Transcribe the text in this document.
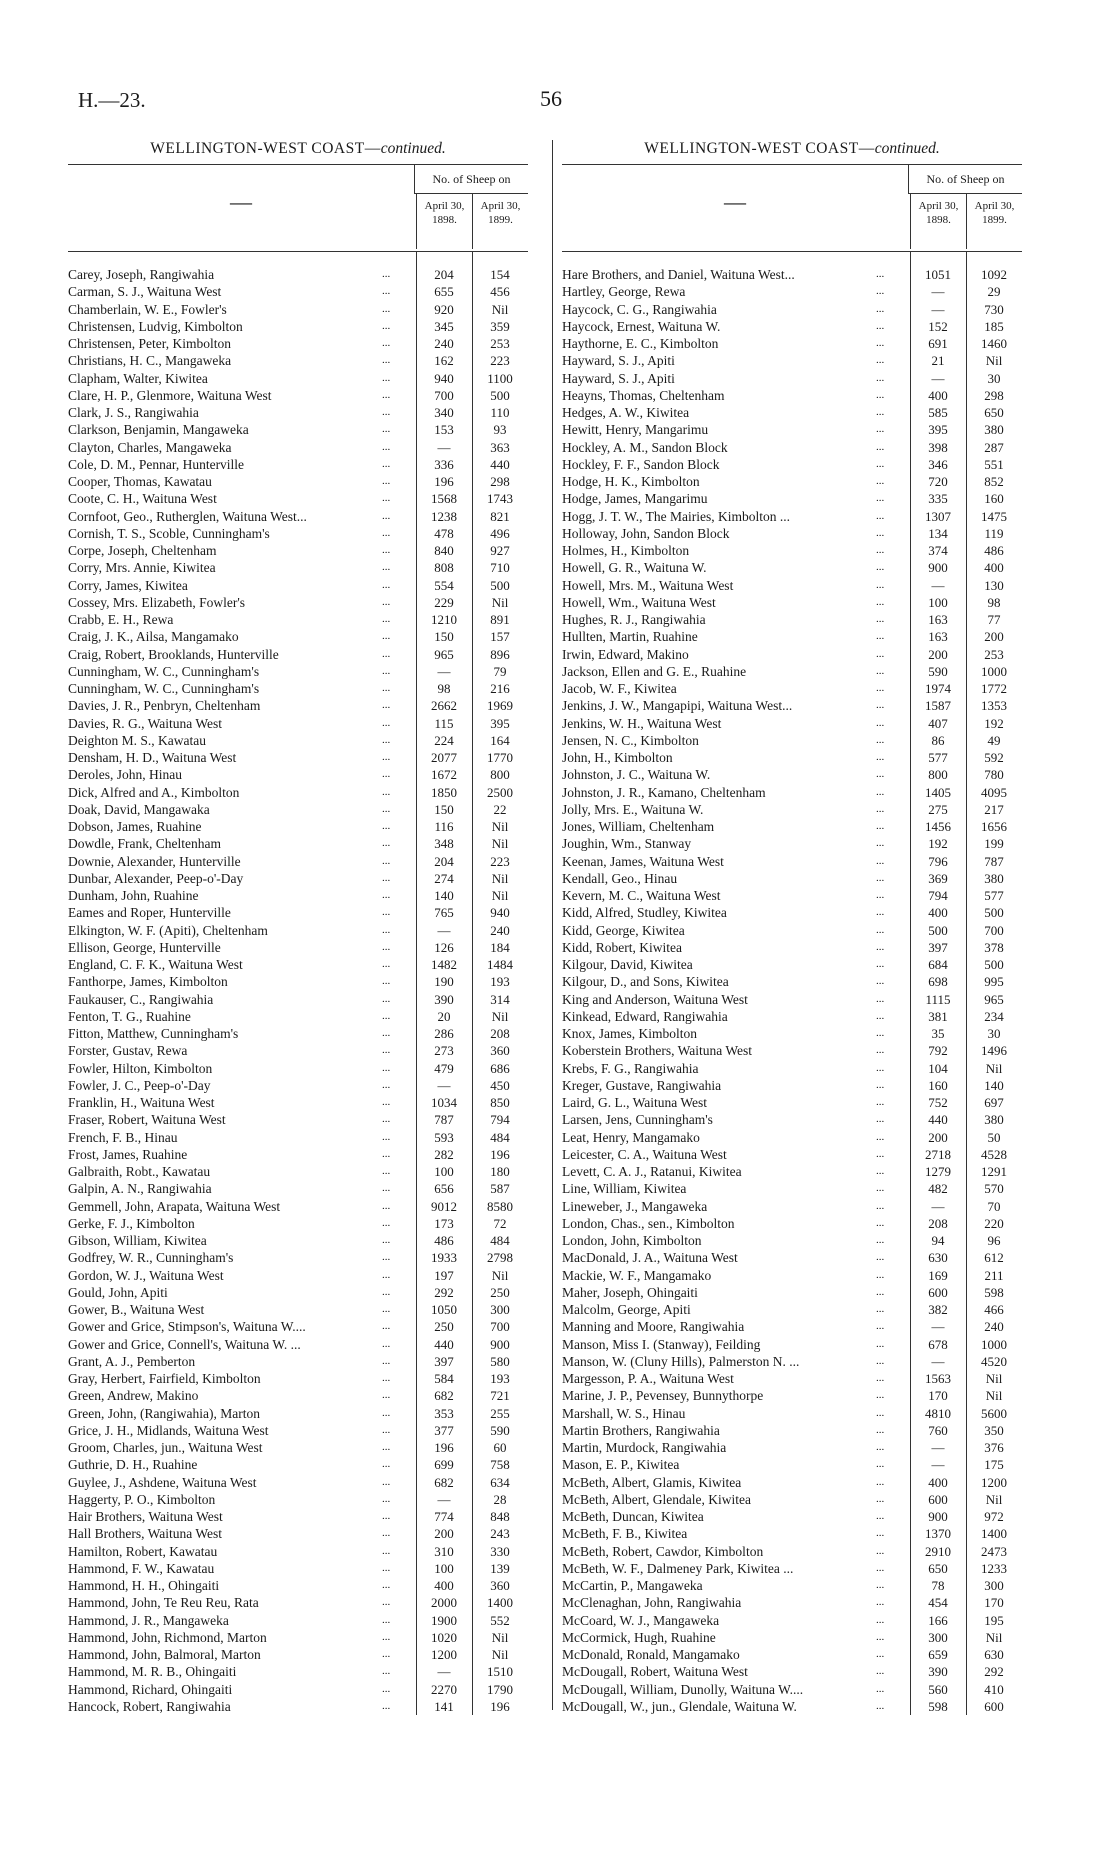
H.—23.	56
WELLINGTON-WEST COAST—continued.
—
No. of Sheep on
April 30,
1898.
April 30,
1899.
Carey, Joseph, Rangiwahia	...	204	154
Carman, S. J., Waituna West	...	655	456
Chamberlain, W. E., Fowler's	...	920	Nil
Christensen, Ludvig, Kimbolton	...	345	359
Christensen, Peter, Kimbolton	...	240	253
Christians, H. C., Mangaweka	...	162	223
Clapham, Walter, Kiwitea	...	940	1100
Clare, H. P., Glenmore, Waituna West	...	700	500
Clark, J. S., Rangiwahia	...	340	110
Clarkson, Benjamin, Mangaweka	...	153	93
Clayton, Charles, Mangaweka	...	—	363
Cole, D. M., Pennar, Hunterville	...	336	440
Cooper, Thomas, Kawatau	...	196	298
Coote, C. H., Waituna West	...	1568	1743
Cornfoot, Geo., Rutherglen, Waituna West...	...	1238	821
Cornish, T. S., Scoble, Cunningham's	...	478	496
Corpe, Joseph, Cheltenham	...	840	927
Corry, Mrs. Annie, Kiwitea	...	808	710
Corry, James, Kiwitea	...	554	500
Cossey, Mrs. Elizabeth, Fowler's	...	229	Nil
Crabb, E. H., Rewa	...	1210	891
Craig, J. K., Ailsa, Mangamako	...	150	157
Craig, Robert, Brooklands, Hunterville	...	965	896
Cunningham, W. C., Cunningham's	...	—	79
Cunningham, W. C., Cunningham's	...	98	216
Davies, J. R., Penbryn, Cheltenham	...	2662	1969
Davies, R. G., Waituna West	...	115	395
Deighton M. S., Kawatau	...	224	164
Densham, H. D., Waituna West	...	2077	1770
Deroles, John, Hinau	...	1672	800
Dick, Alfred and A., Kimbolton	...	1850	2500
Doak, David, Mangawaka	...	150	22
Dobson, James, Ruahine	...	116	Nil
Dowdle, Frank, Cheltenham	...	348	Nil
Downie, Alexander, Hunterville	...	204	223
Dunbar, Alexander, Peep-o'-Day	...	274	Nil
Dunham, John, Ruahine	...	140	Nil
Eames and Roper, Hunterville	...	765	940
Elkington, W. F. (Apiti), Cheltenham	...	—	240
Ellison, George, Hunterville	...	126	184
England, C. F. K., Waituna West	...	1482	1484
Fanthorpe, James, Kimbolton	...	190	193
Faukauser, C., Rangiwahia	...	390	314
Fenton, T. G., Ruahine	...	20	Nil
Fitton, Matthew, Cunningham's	...	286	208
Forster, Gustav, Rewa	...	273	360
Fowler, Hilton, Kimbolton	...	479	686
Fowler, J. C., Peep-o'-Day	...	—	450
Franklin, H., Waituna West	...	1034	850
Fraser, Robert, Waituna West	...	787	794
French, F. B., Hinau	...	593	484
Frost, James, Ruahine	...	282	196
Galbraith, Robt., Kawatau	...	100	180
Galpin, A. N., Rangiwahia	...	656	587
Gemmell, John, Arapata, Waituna West	...	9012	8580
Gerke, F. J., Kimbolton	...	173	72
Gibson, William, Kiwitea	...	486	484
Godfrey, W. R., Cunningham's	...	1933	2798
Gordon, W. J., Waituna West	...	197	Nil
Gould, John, Apiti	...	292	250
Gower, B., Waituna West	...	1050	300
Gower and Grice, Stimpson's, Waituna W....	...	250	700
Gower and Grice, Connell's, Waituna W. ...	...	440	900
Grant, A. J., Pemberton	...	397	580
Gray, Herbert, Fairfield, Kimbolton	...	584	193
Green, Andrew, Makino	...	682	721
Green, John, (Rangiwahia), Marton	...	353	255
Grice, J. H., Midlands, Waituna West	...	377	590
Groom, Charles, jun., Waituna West	...	196	60
Guthrie, D. H., Ruahine	...	699	758
Guylee, J., Ashdene, Waituna West	...	682	634
Haggerty, P. O., Kimbolton	...	—	28
Hair Brothers, Waituna West	...	774	848
Hall Brothers, Waituna West	...	200	243
Hamilton, Robert, Kawatau	...	310	330
Hammond, F. W., Kawatau	...	100	139
Hammond, H. H., Ohingaiti	...	400	360
Hammond, John, Te Reu Reu, Rata	...	2000	1400
Hammond, J. R., Mangaweka	...	1900	552
Hammond, John, Richmond, Marton	...	1020	Nil
Hammond, John, Balmoral, Marton	...	1200	Nil
Hammond, M. R. B., Ohingaiti	...	—	1510
Hammond, Richard, Ohingaiti	...	2270	1790
Hancock, Robert, Rangiwahia	...	141	196
WELLINGTON-WEST COAST—continued.
—
No. of Sheep on
April 30,
1898.
April 30,
1899.
Hare Brothers, and Daniel, Waituna West...	...	1051	1092
Hartley, George, Rewa	...	—	29
Haycock, C. G., Rangiwahia	...	—	730
Haycock, Ernest, Waituna W.	...	152	185
Haythorne, E. C., Kimbolton	...	691	1460
Hayward, S. J., Apiti	...	21	Nil
Hayward, S. J., Apiti	...	—	30
Heayns, Thomas, Cheltenham	...	400	298
Hedges, A. W., Kiwitea	...	585	650
Hewitt, Henry, Mangarimu	...	395	380
Hockley, A. M., Sandon Block	...	398	287
Hockley, F. F., Sandon Block	...	346	551
Hodge, H. K., Kimbolton	...	720	852
Hodge, James, Mangarimu	...	335	160
Hogg, J. T. W., The Mairies, Kimbolton ...	...	1307	1475
Holloway, John, Sandon Block	...	134	119
Holmes, H., Kimbolton	...	374	486
Howell, G. R., Waituna W.	...	900	400
Howell, Mrs. M., Waituna West	...	—	130
Howell, Wm., Waituna West	...	100	98
Hughes, R. J., Rangiwahia	...	163	77
Hullten, Martin, Ruahine	...	163	200
Irwin, Edward, Makino	...	200	253
Jackson, Ellen and G. E., Ruahine	...	590	1000
Jacob, W. F., Kiwitea	...	1974	1772
Jenkins, J. W., Mangapipi, Waituna West...	...	1587	1353
Jenkins, W. H., Waituna West	...	407	192
Jensen, N. C., Kimbolton	...	86	49
John, H., Kimbolton	...	577	592
Johnston, J. C., Waituna W.	...	800	780
Johnston, J. R., Kamano, Cheltenham	...	1405	4095
Jolly, Mrs. E., Waituna W.	...	275	217
Jones, William, Cheltenham	...	1456	1656
Joughin, Wm., Stanway	...	192	199
Keenan, James, Waituna West	...	796	787
Kendall, Geo., Hinau	...	369	380
Kevern, M. C., Waituna West	...	794	577
Kidd, Alfred, Studley, Kiwitea	...	400	500
Kidd, George, Kiwitea	...	500	700
Kidd, Robert, Kiwitea	...	397	378
Kilgour, David, Kiwitea	...	684	500
Kilgour, D., and Sons, Kiwitea	...	698	995
King and Anderson, Waituna West	...	1115	965
Kinkead, Edward, Rangiwahia	...	381	234
Knox, James, Kimbolton	...	35	30
Koberstein Brothers, Waituna West	...	792	1496
Krebs, F. G., Rangiwahia	...	104	Nil
Kreger, Gustave, Rangiwahia	...	160	140
Laird, G. L., Waituna West	...	752	697
Larsen, Jens, Cunningham's	...	440	380
Leat, Henry, Mangamako	...	200	50
Leicester, C. A., Waituna West	...	2718	4528
Levett, C. A. J., Ratanui, Kiwitea	...	1279	1291
Line, William, Kiwitea	...	482	570
Lineweber, J., Mangaweka	...	—	70
London, Chas., sen., Kimbolton	...	208	220
London, John, Kimbolton	...	94	96
MacDonald, J. A., Waituna West	...	630	612
Mackie, W. F., Mangamako	...	169	211
Maher, Joseph, Ohingaiti	...	600	598
Malcolm, George, Apiti	...	382	466
Manning and Moore, Rangiwahia	...	—	240
Manson, Miss I. (Stanway), Feilding	...	678	1000
Manson, W. (Cluny Hills), Palmerston N. ...	...	—	4520
Margesson, P. A., Waituna West	...	1563	Nil
Marine, J. P., Pevensey, Bunnythorpe	...	170	Nil
Marshall, W. S., Hinau	...	4810	5600
Martin Brothers, Rangiwahia	...	760	350
Martin, Murdock, Rangiwahia	...	—	376
Mason, E. P., Kiwitea	...	—	175
McBeth, Albert, Glamis, Kiwitea	...	400	1200
McBeth, Albert, Glendale, Kiwitea	...	600	Nil
McBeth, Duncan, Kiwitea	...	900	972
McBeth, F. B., Kiwitea	...	1370	1400
McBeth, Robert, Cawdor, Kimbolton	...	2910	2473
McBeth, W. F., Dalmeney Park, Kiwitea ...	...	650	1233
McCartin, P., Mangaweka	...	78	300
McClenaghan, John, Rangiwahia	...	454	170
McCoard, W. J., Mangaweka	...	166	195
McCormick, Hugh, Ruahine	...	300	Nil
McDonald, Ronald, Mangamako	...	659	630
McDougall, Robert, Waituna West	...	390	292
McDougall, William, Dunolly, Waituna W....	...	560	410
McDougall, W., jun., Glendale, Waituna W.	...	598	600
